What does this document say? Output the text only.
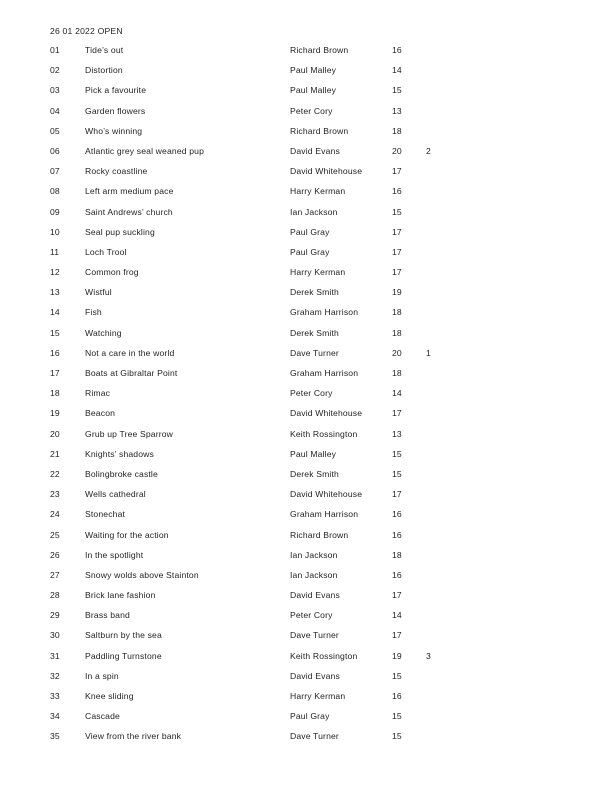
26 01 2022 OPEN
01	Tide’s out	Richard Brown	16
02	Distortion	Paul Malley	14
03	Pick a favourite	Paul Malley	15
04	Garden flowers	Peter Cory	13
05	Who’s winning	Richard Brown	18
06	Atlantic grey seal weaned pup	David Evans	20	2
07	Rocky coastline	David Whitehouse	17
08	Left arm medium pace	Harry Kerman	16
09	Saint Andrews’ church	Ian Jackson	15
10	Seal pup suckling	Paul Gray	17
11	Loch Trool	Paul Gray	17
12	Common frog	Harry Kerman	17
13	Wistful	Derek Smith	19
14	Fish	Graham Harrison	18
15	Watching	Derek Smith	18
16	Not a care in the world	Dave Turner	20	1
17	Boats at Gibraltar Point	Graham Harrison	18
18	Rimac	Peter Cory	14
19	Beacon	David Whitehouse	17
20	Grub up Tree Sparrow	Keith Rossington	13
21	Knights’ shadows	Paul Malley	15
22	Bolingbroke castle	Derek Smith	15
23	Wells cathedral	David Whitehouse	17
24	Stonechat	Graham Harrison	16
25	Waiting for the action	Richard Brown	16
26	In the spotlight	Ian Jackson	18
27	Snowy wolds above Stainton	Ian Jackson	16
28	Brick lane fashion	David Evans	17
29	Brass band	Peter Cory	14
30	Saltburn by the sea	Dave Turner	17
31	Paddling Turnstone	Keith Rossington	19	3
32	In a spin	David Evans	15
33	Knee sliding	Harry Kerman	16
34	Cascade	Paul Gray	15
35	View from the river bank	Dave Turner	15
